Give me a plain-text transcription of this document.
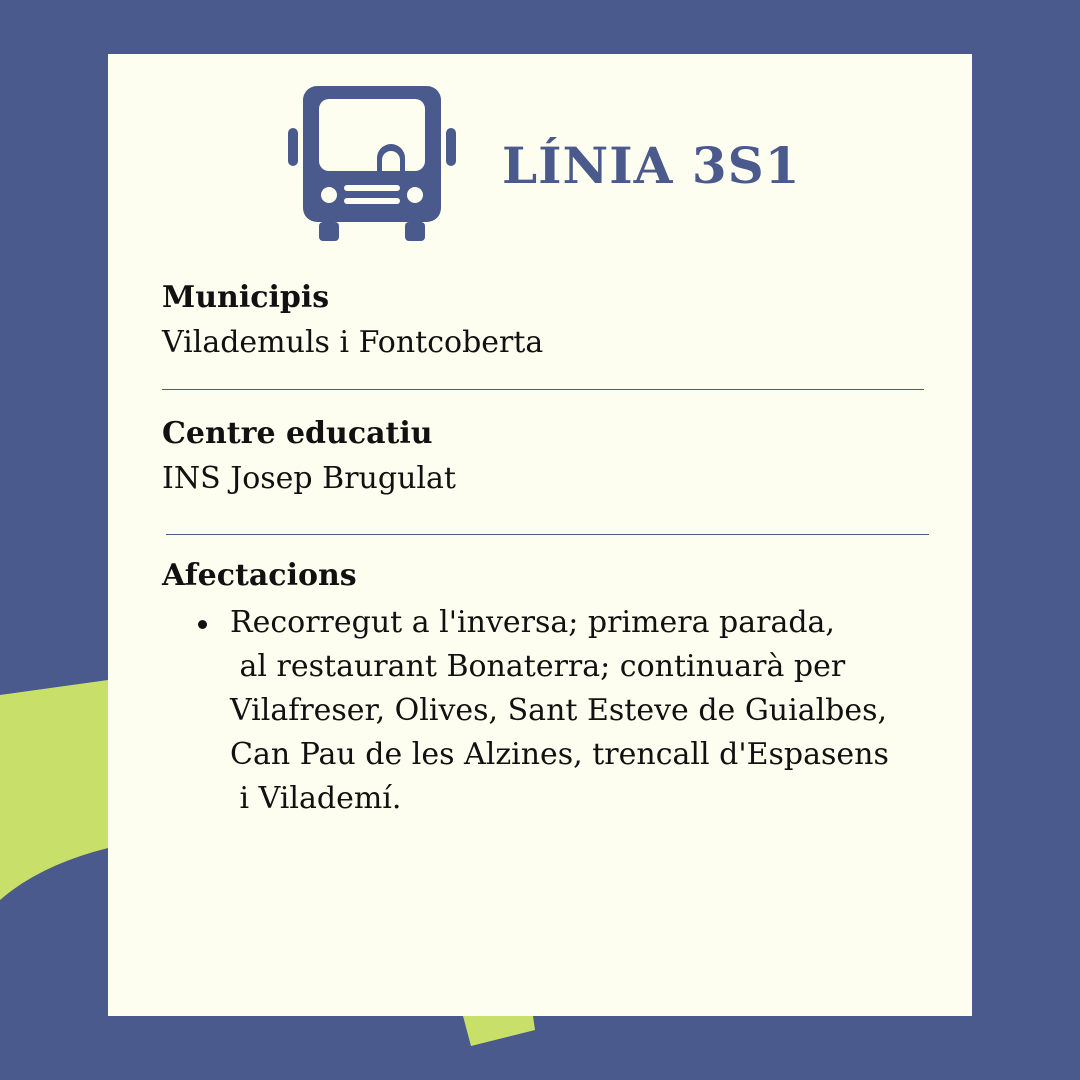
LÍNIA 3S1

Municipis

Vilademuls i Fontcoberta

Centre educatiu

INS Josep Brugulat

Afectacions

Recorregut a l'inversa; primera parada,
al restaurant Bonaterra; continuarà per
Vilafreser, Olives, Sant Esteve de Guialbes,
Can Pau de les Alzines, trencall d'Espasens
i Vilademí.
